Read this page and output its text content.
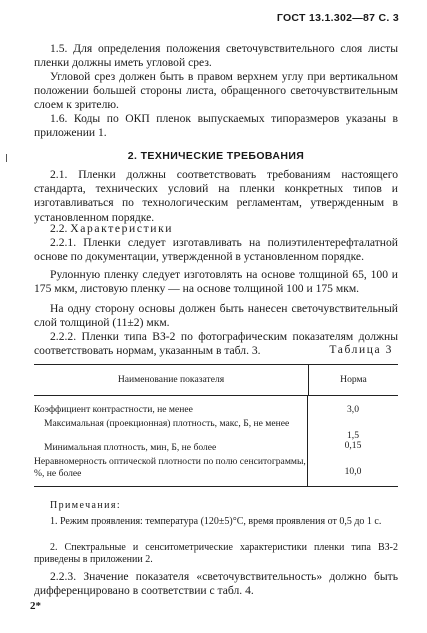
ГОСТ 13.1.302—87 С. 3

1.5. Для определения положения светочувствительного слоя листы пленки должны иметь угловой срез.

Угловой срез должен быть в правом верхнем углу при вертикальном положении большей стороны листа, обращенного светочувствительным слоем к зрителю.

1.6. Коды по ОКП пленок выпускаемых типоразмеров указаны в приложении 1.

2. ТЕХНИЧЕСКИЕ ТРЕБОВАНИЯ

2.1. Пленки должны соответствовать требованиям настоящего стандарта, технических условий на пленки конкретных типов и изготавливаться по технологическим регламентам, утвержденным в установленном порядке.

2.2. Характеристики

2.2.1. Пленки следует изготавливать на полиэтилентерефталатной основе по документации, утвержденной в установленном порядке.

Рулонную пленку следует изготовлять на основе толщиной 65, 100 и 175 мкм, листовую пленку — на основе толщиной 100 и 175 мкм.

На одну сторону основы должен быть нанесен светочувствительный слой толщиной (11±2) мкм.

2.2.2. Пленки типа ВЗ-2 по фотографическим показателям должны соответствовать нормам, указанным в табл. 3.	Таблица 3
Наименование показателя	Норма
Коэффициент контрастности, не менее
Максимальная (проекционная) плотность, макс, Б, не менее
Минимальная плотность, мин, Б, не более
Неравномерность оптической плотности по полю сенситограммы, %, не более
3,0
1,5
0,15
10,0
Примечания:

1. Режим проявления: температура (120±5)°С, время проявления от 0,5 до 1 с.

2. Спектральные и сенситометрические характеристики пленки типа ВЗ-2 приведены в приложении 2.

2.2.3. Значение показателя «светочувствительность» должно быть дифференцировано в соответствии с табл. 4.

2*
